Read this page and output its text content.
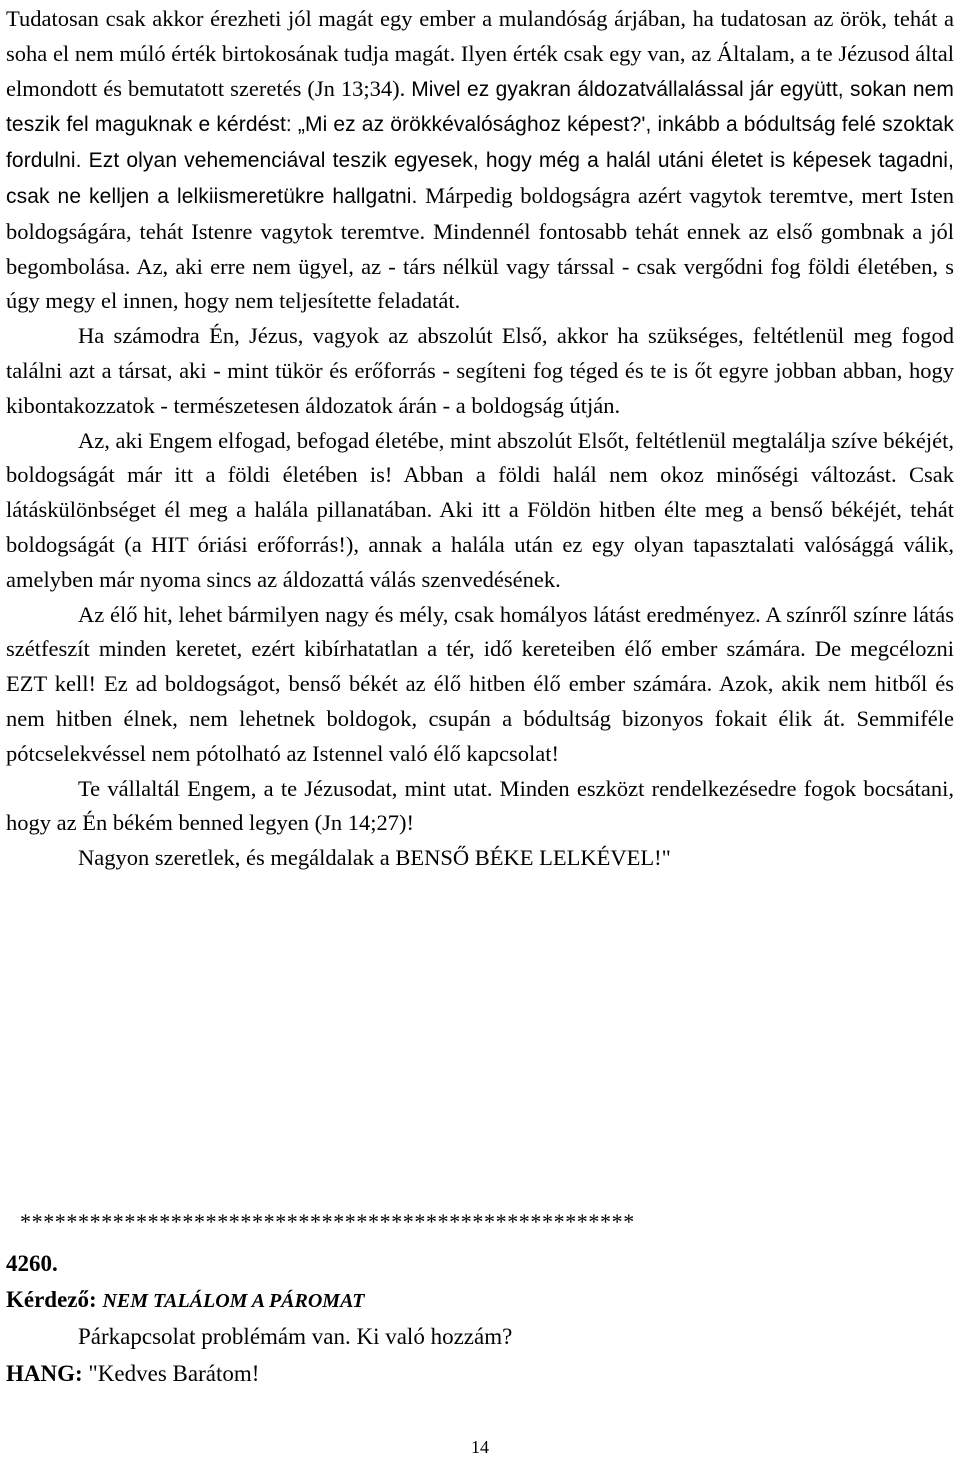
Tudatosan csak akkor érezheti jól magát egy ember a mulandóság árjában, ha tudatosan az örök, tehát a soha el nem múló érték birtokosának tudja magát. Ilyen érték csak egy van, az Általam, a te Jézusod által elmondott és bemutatott szeretés (Jn 13;34). Mivel ez gyakran áldozatvállalással jár együtt, sokan nem teszik fel maguknak e kérdést: „Mi ez az örökkévalósághoz képest?', inkább a bódultság felé szoktak fordulni. Ezt olyan vehemenciával teszik egyesek, hogy még a halál utáni életet is képesek tagadni, csak ne kelljen a lelkiismeretükre hallgatni. Márpedig boldogságra azért vagytok teremtve, mert Isten boldogságára, tehát Istenre vagytok teremtve. Mindennél fontosabb tehát ennek az első gombnak a jól begombolása. Az, aki erre nem ügyel, az - társ nélkül vagy társsal - csak vergődni fog földi életében, s úgy megy el innen, hogy nem teljesítette feladatát.

Ha számodra Én, Jézus, vagyok az abszolút Első, akkor ha szükséges, feltétlenül meg fogod találni azt a társat, aki - mint tükör és erőforrás - segíteni fog téged és te is őt egyre jobban abban, hogy kibontakozzatok - természetesen áldozatok árán - a boldogság útján.

Az, aki Engem elfogad, befogad életébe, mint abszolút Elsőt, feltétlenül megtalálja szíve békéjét, boldogságát már itt a földi életében is! Abban a földi halál nem okoz minőségi változást. Csak látáskülönbséget él meg a halála pillanatában. Aki itt a Földön hitben élte meg a benső békéjét, tehát boldogságát (a HIT óriási erőforrás!), annak a halála után ez egy olyan tapasztalati valósággá válik, amelyben már nyoma sincs az áldozattá válás szenvedésének.

Az élő hit, lehet bármilyen nagy és mély, csak homályos látást eredményez. A színről színre látás szétfeszít minden keretet, ezért kibírhatatlan a tér, idő kereteiben élő ember számára. De megcélozni EZT kell! Ez ad boldogságot, benső békét az élő hitben élő ember számára. Azok, akik nem hitből és nem hitben élnek, nem lehetnek boldogok, csupán a bódultság bizonyos fokait élik át. Semmiféle pótcselekvéssel nem pótolható az Istennel való élő kapcsolat!

Te vállaltál Engem, a te Jézusodat, mint utat. Minden eszközt rendelkezésedre fogok bocsátani, hogy az Én békém benned legyen (Jn 14;27)!

Nagyon szeretlek, és megáldalak a BENSŐ BÉKE LELKÉVEL!"

*****************************************************
4260.
Kérdező: NEM TALÁLOM A PÁROMAT
Párkapcsolat problémám van. Ki való hozzám?
HANG: "Kedves Barátom!
14
